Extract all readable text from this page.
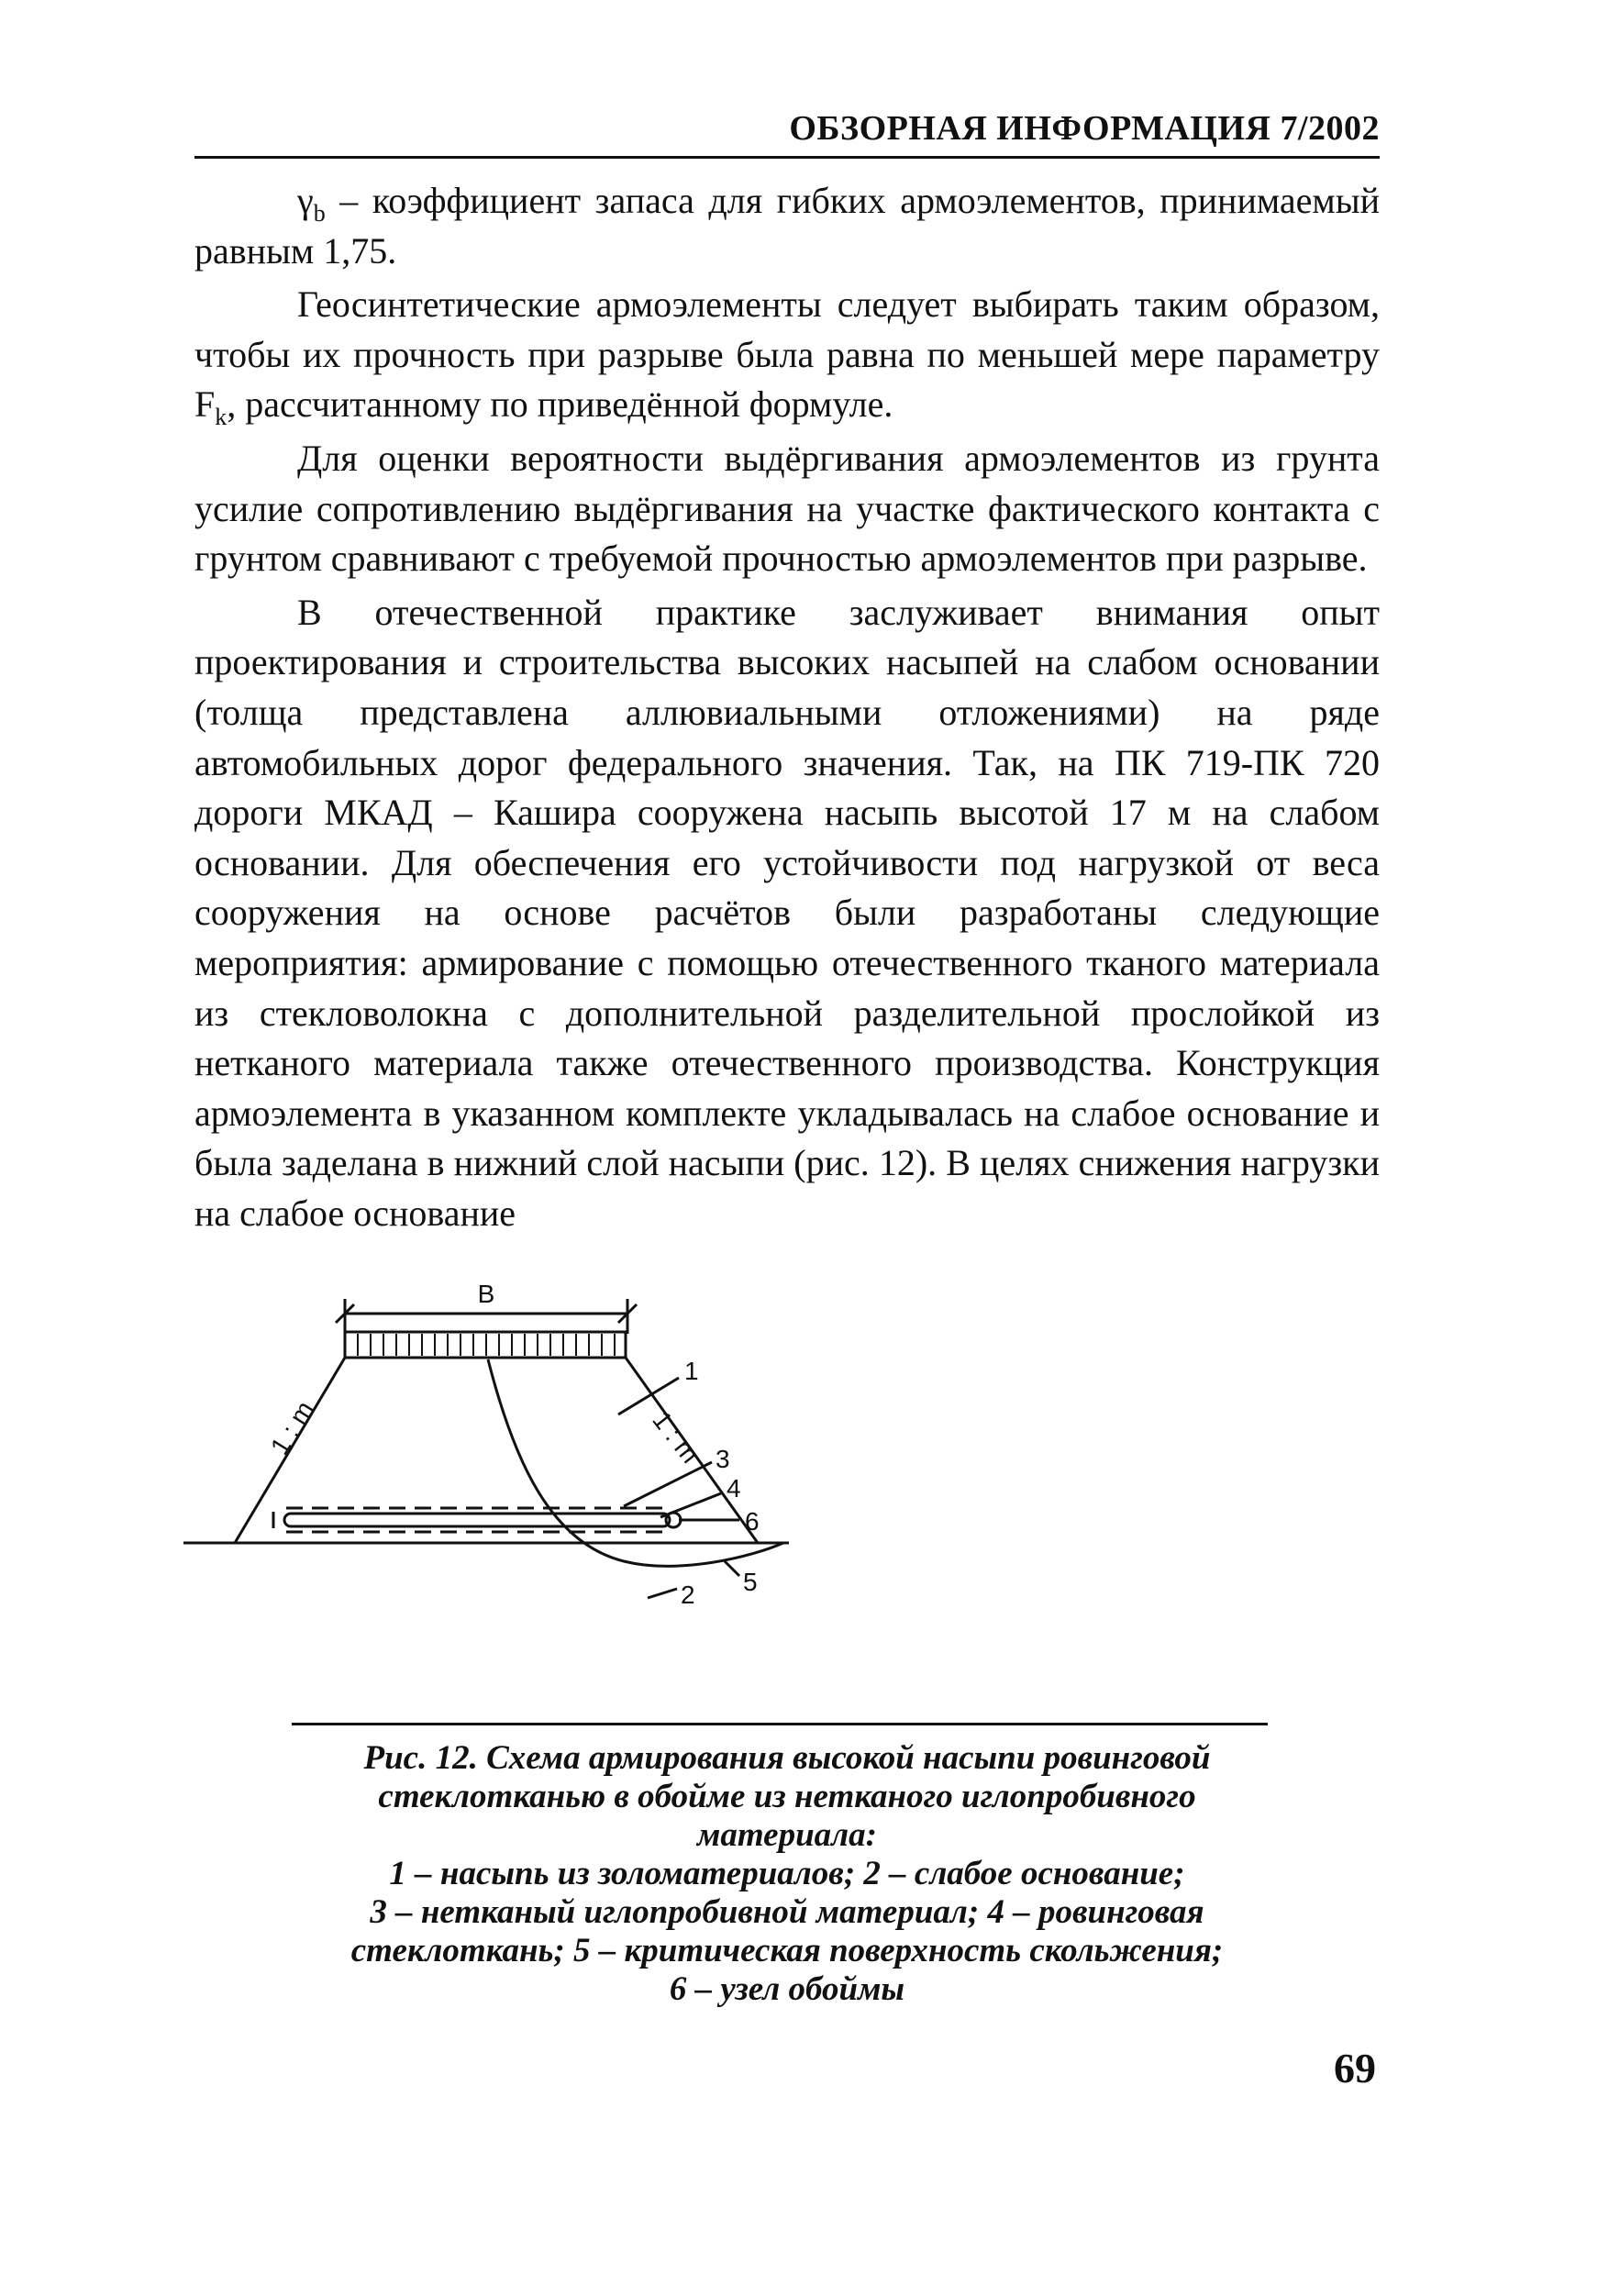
ОБЗОРНАЯ ИНФОРМАЦИЯ 7/2002

$\gamma_b$ – коэффициент запаса для гибких армоэлементов, принимаемый равным 1,75.

Геосинтетические армоэлементы следует выбирать таким образом, чтобы их прочность при разрыве была равна по меньшей мере параметру $F_k$, рассчитанному по приведённой формуле.

Для оценки вероятности выдёргивания армоэлементов из грунта усилие сопротивлению выдёргивания на участке фактического контакта с грунтом сравнивают с требуемой прочностью армоэлементов при разрыве.

В отечественной практике заслуживает внимания опыт проектирования и строительства высоких насыпей на слабом основании (толща представлена аллювиальными отложениями) на ряде автомобильных дорог федерального значения. Так, на ПК 719-ПК 720 дороги МКАД – Каширa сооружена насыпь высотой 17 м на слабом основании. Для обеспечения его устойчивости под нагрузкой от веса сооружения на основе расчётов были разработаны следующие мероприятия: армирование с помощью отечественного тканого материала из стекловолокна с дополнительной разделительной прослойкой из нетканого материала также отечественного производства. Конструкция армоэлемента в указанном комплекте укладывалась на слабое основание и была заделана в нижний слой насыпи (рис. 12). В целях снижения нагрузки на слабое основание

B
1 : m	1 : m
1
2
3
4
5
6
Рис. 12. Схема армирования высокой насыпи ровинговой
стеклотканью в обойме из нетканого иглопробивного
материала:
1 – насыпь из золоматериалов; 2 – слабое основание;
3 – нетканый иглопробивной материал; 4 – ровинговая
стеклоткань; 5 – критическая поверхность скольжения;
6 – узел обоймы
69
